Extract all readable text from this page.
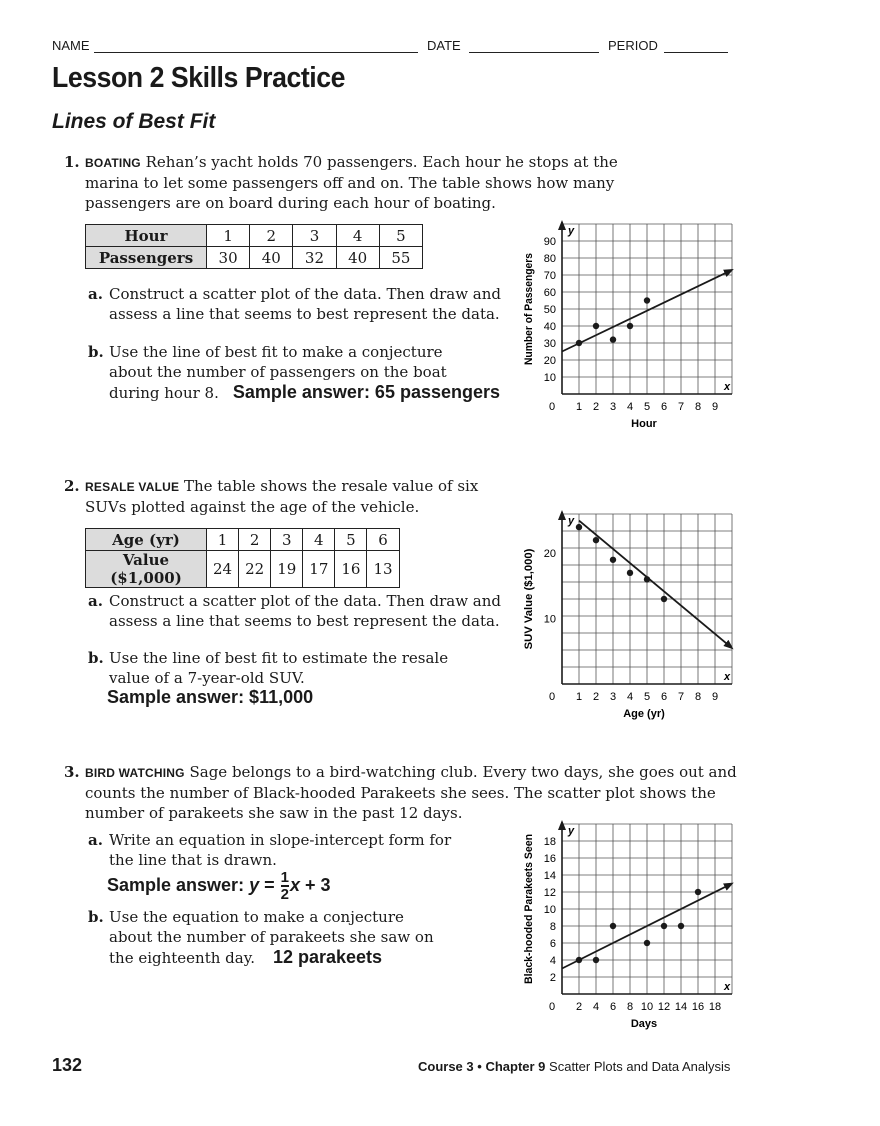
NAME	DATE	PERIOD
Lesson 2 Skills Practice
Lines of Best Fit
1. BOATING Rehan’s yacht holds 70 passengers. Each hour he stops at the
marina to let some passengers off and on. The table shows how many
passengers are on board during each hour of boating.
Hour	1	2	3	4	5
Passengers	30	40	32	40	55
a. Construct a scatter plot of the data. Then draw and
assess a line that seems to best represent the data.
b. Use the line of best fit to make a conjecture
about the number of passengers on the boat
during hour 8. Sample answer: 65 passengers
y
x
0 1 2 3 4 5 6 7 8 9
10
20
30
40
50
60
70
80
90
Hour
Number of Passengers
2. RESALE VALUE The table shows the resale value of six
SUVs plotted against the age of the vehicle.
Age (yr)	1	2	3	4	5	6
Value ($1,000)	24	22	19	17	16	13
a. Construct a scatter plot of the data. Then draw and
assess a line that seems to best represent the data.
b. Use the line of best fit to estimate the resale
value of a 7-year-old SUV.
Sample answer: $11,000
y
x
0 1 2 3 4 5 6 7 8 9
10
20
Age (yr)
SUV Value ($1,000)
3. BIRD WATCHING Sage belongs to a bird-watching club. Every two days, she goes out and
counts the number of Black-hooded Parakeets she sees. The scatter plot shows the
number of parakeets she saw in the past 12 days.
a. Write an equation in slope-intercept form for
the line that is drawn.
Sample answer: $y = \frac{1}{2}$ x + 3
b. Use the equation to make a conjecture
about the number of parakeets she saw on
the eighteenth day. 12 parakeets
y
x
0 2 4 6 8 10 12 14 16 18
2
4
6
8
10
12
14
16
18
Days
Black-hooded Parakeets Seen
132	Course 3 • Chapter 9 Scatter Plots and Data Analysis
